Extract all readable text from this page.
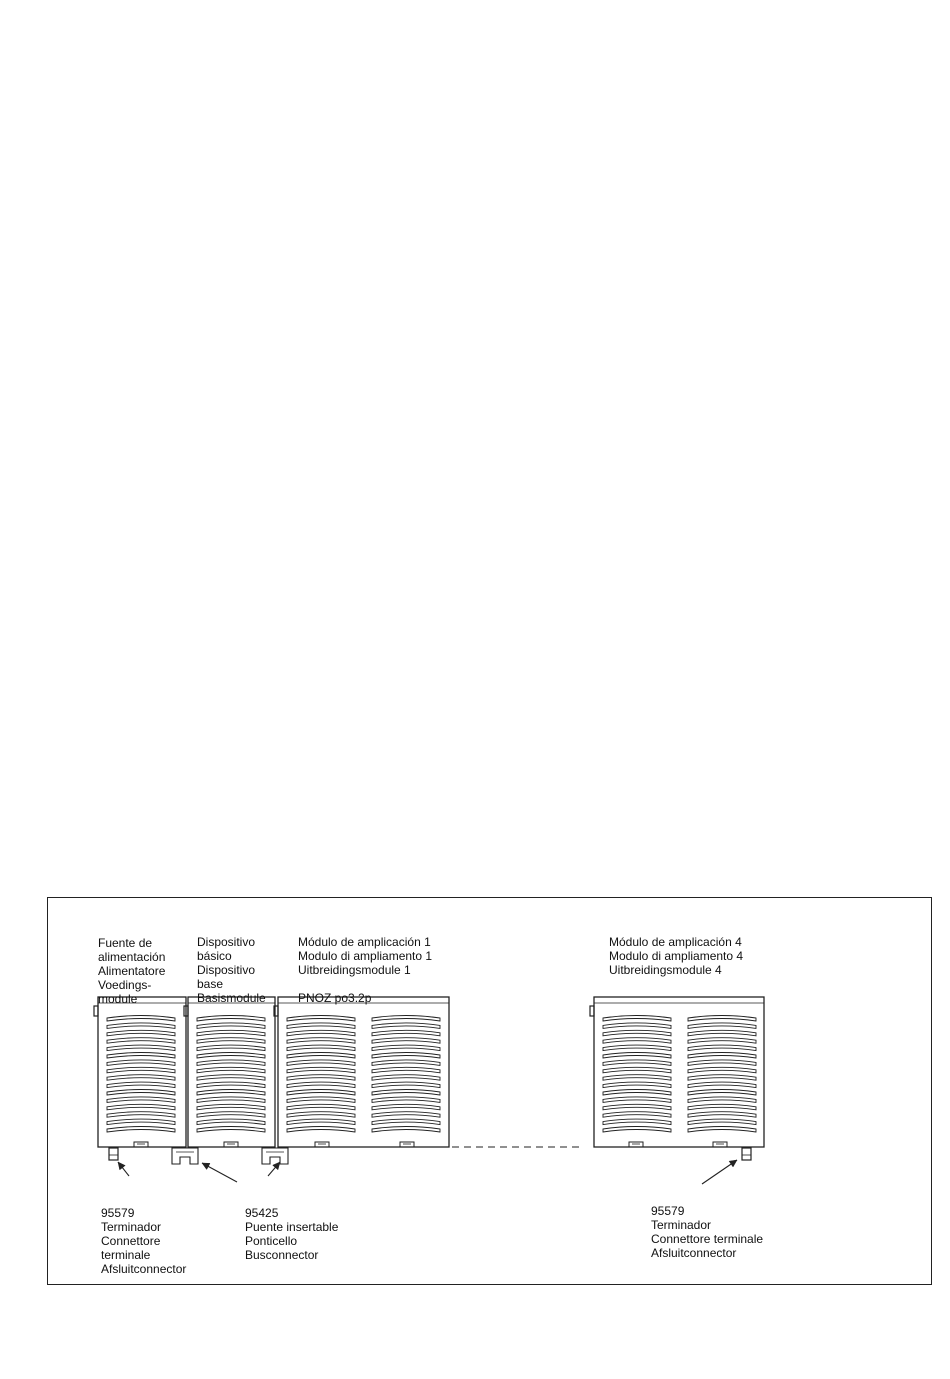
Fuente de
alimentación
Alimentatore
Voedings-
module

Dispositivo
básico
Dispositivo
base
Basismodule

Módulo de amplicación 1
Modulo di ampliamento 1
Uitbreidingsmodule 1
PNOZ po3.2p

Módulo de amplicación 4
Modulo di ampliamento 4
Uitbreidingsmodule 4

95579
Terminador
Connettore
terminale
Afsluitconnector

95425
Puente insertable
Ponticello
Busconnector

95579
Terminador
Connettore terminale
Afsluitconnector
